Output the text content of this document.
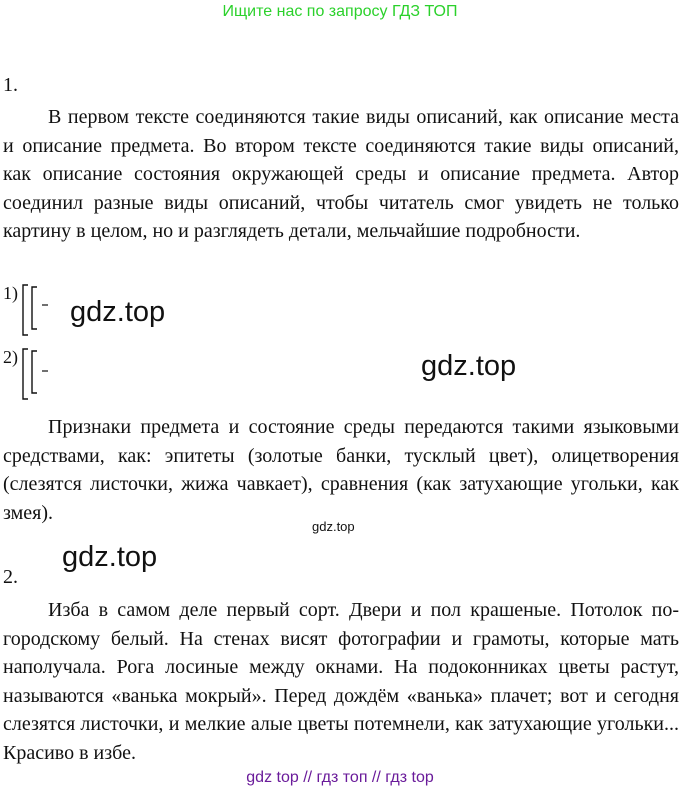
Ищите нас по запросу ГДЗ ТОП
1.

В первом тексте соединяются такие виды описаний, как описание места и описание предмета. Во втором тексте соединяются такие виды описаний, как описание состояния окружающей среды и описание предмета. Автор соединил разные виды описаний, чтобы читатель смог увидеть не только картину в целом, но и разглядеть детали, мельчайшие подробности.

1)
2)
gdz.top
gdz.top

Признаки предмета и состояние среды передаются такими языковыми средствами, как: эпитеты (золотые банки, тусклый цвет), олицетворения (слезятся листочки, жижа чавкает), сравнения (как затухающие угольки, как змея).

gdz.top
gdz.top
2.

Изба в самом деле первый сорт. Двери и пол крашеные. Потолок по-городскому белый. На стенах висят фотографии и грамоты, которые мать наполучала. Рога лосиные между окнами. На подоконниках цветы растут, называются «ванька мокрый». Перед дождём «ванька» плачет; вот и сегодня слезятся листочки, и мелкие алые цветы потемнели, как затухающие угольки... Красиво в избе.

gdz top // гдз топ // гдз top
